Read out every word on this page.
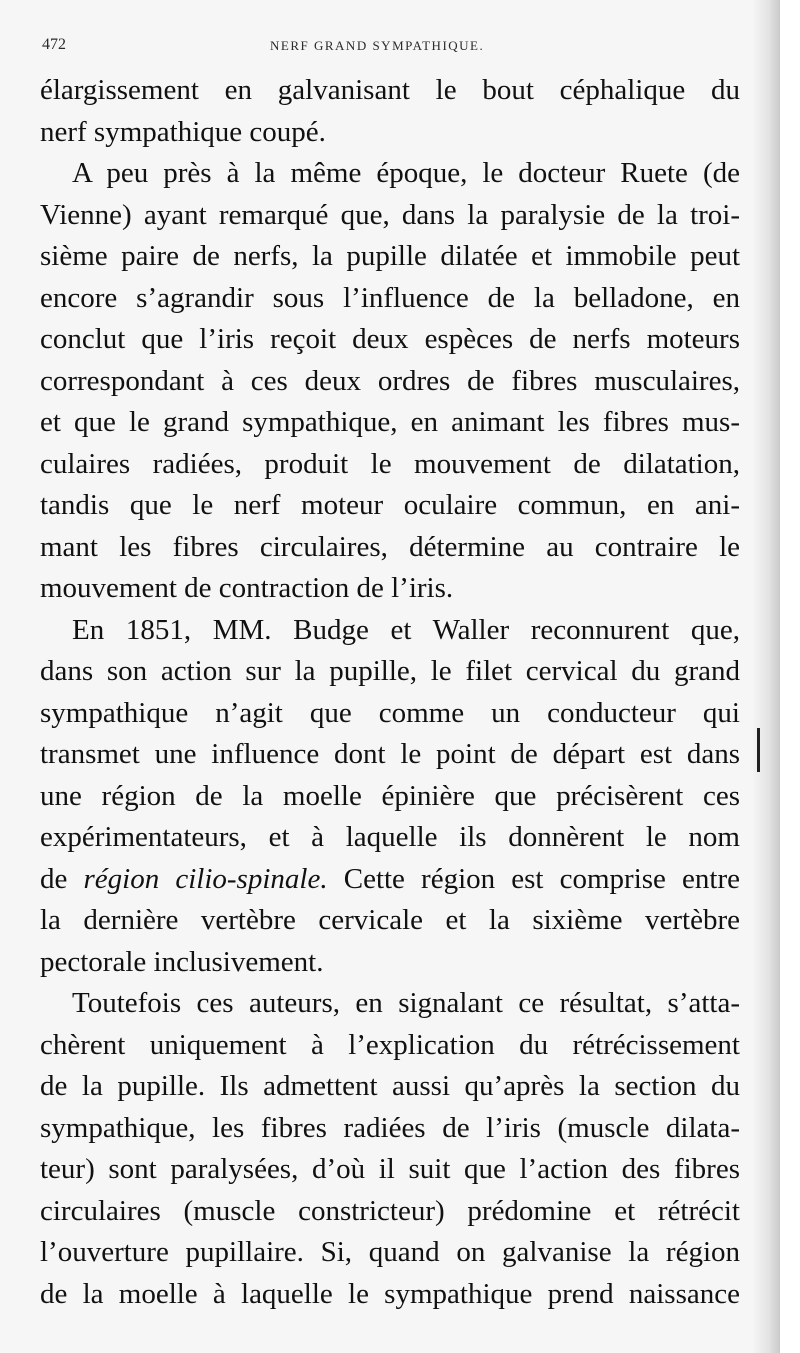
472	NERF GRAND SYMPATHIQUE.
élargissement en galvanisant le bout céphalique du
nerf sympathique coupé.
A peu près à la même époque, le docteur Ruete (de
Vienne) ayant remarqué que, dans la paralysie de la troi-
sième paire de nerfs, la pupille dilatée et immobile peut
encore s’agrandir sous l’influence de la belladone, en
conclut que l’iris reçoit deux espèces de nerfs moteurs
correspondant à ces deux ordres de fibres musculaires,
et que le grand sympathique, en animant les fibres mus-
culaires radiées, produit le mouvement de dilatation,
tandis que le nerf moteur oculaire commun, en ani-
mant les fibres circulaires, détermine au contraire le
mouvement de contraction de l’iris.
En 1851, MM. Budge et Waller reconnurent que,
dans son action sur la pupille, le filet cervical du grand
sympathique n’agit que comme un conducteur qui
transmet une influence dont le point de départ est dans
une région de la moelle épinière que précisèrent ces
expérimentateurs, et à laquelle ils donnèrent le nom
de région cilio-spinale. Cette région est comprise entre
la dernière vertèbre cervicale et la sixième vertèbre
pectorale inclusivement.
Toutefois ces auteurs, en signalant ce résultat, s’atta-
chèrent uniquement à l’explication du rétrécissement
de la pupille. Ils admettent aussi qu’après la section du
sympathique, les fibres radiées de l’iris (muscle dilata-
teur) sont paralysées, d’où il suit que l’action des fibres
circulaires (muscle constricteur) prédomine et rétrécit
l’ouverture pupillaire. Si, quand on galvanise la région
de la moelle à laquelle le sympathique prend naissance
